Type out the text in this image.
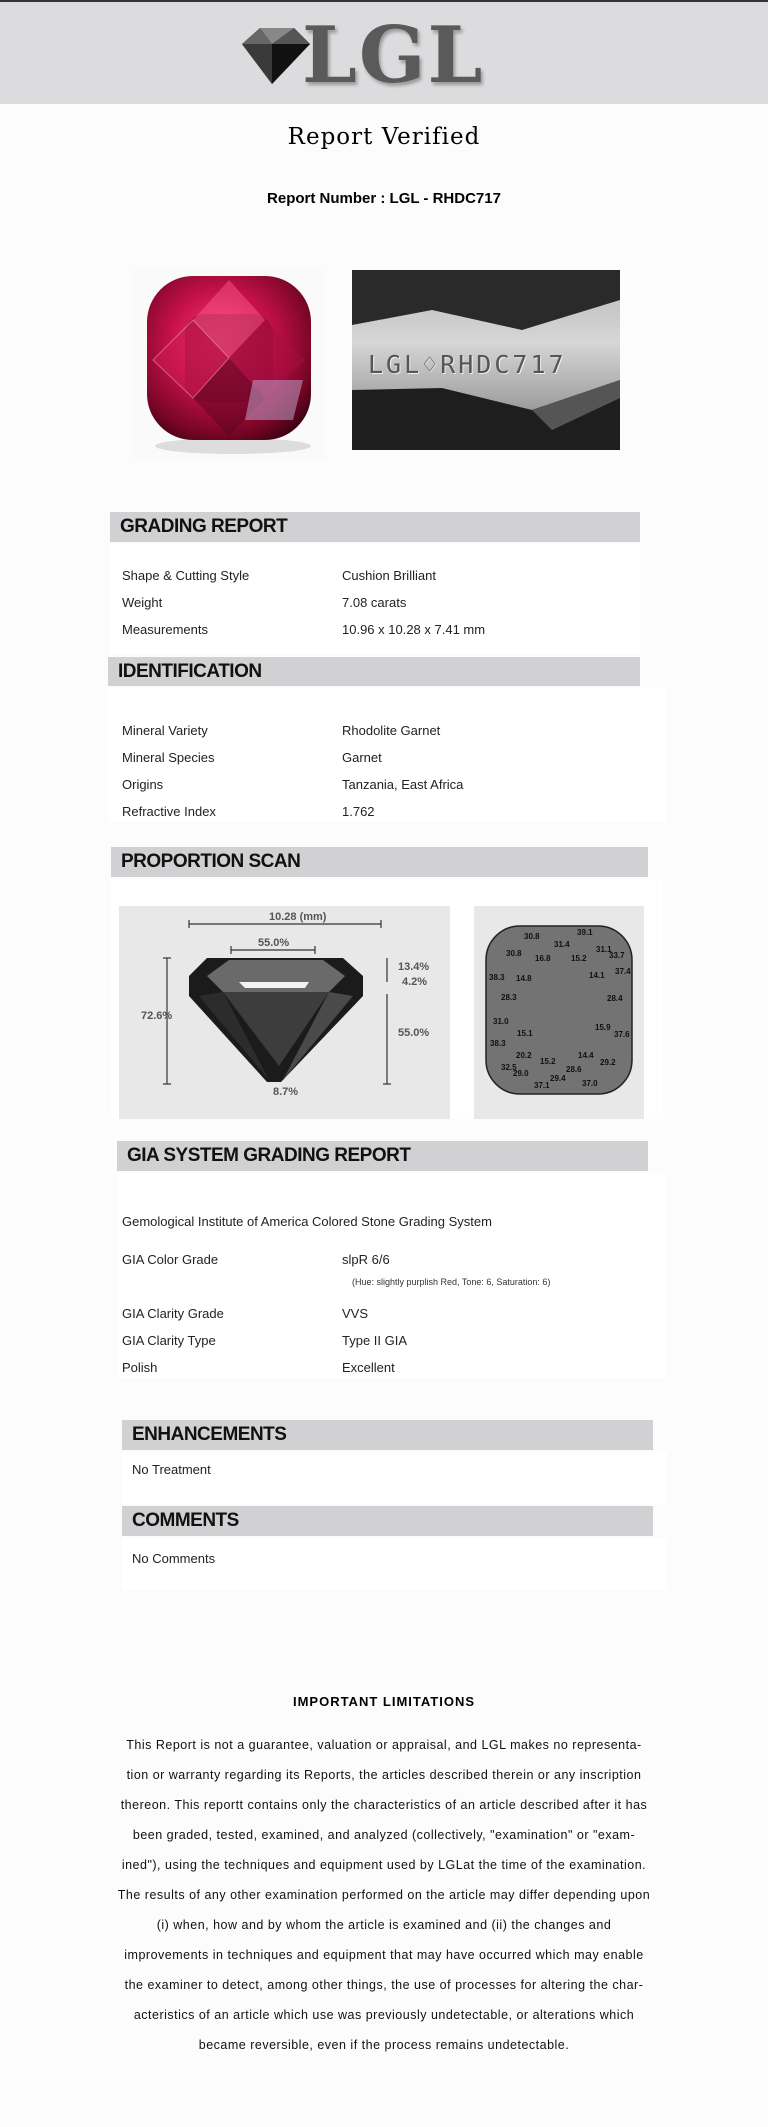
LGL
Report Verified
Report Number : LGL - RHDC717
LGL♢RHDC717
GRADING REPORT
Shape & Cutting Style	Cushion Brilliant
Weight	7.08 carats
Measurements	10.96 x 10.28 x 7.41 mm
IDENTIFICATION
Mineral Variety	Rhodolite Garnet
Mineral Species	Garnet
Origins	Tanzania, East Africa
Refractive Index	1.762
PROPORTION SCAN
10.28 (mm)
55.0%
72.6%
13.4%
4.2%
55.0%
8.7%
30.8	39.1
31.4
31.1
33.7
30.8
16.8	15.2
37.4
38.3 14.8	14.1
28.3	28.4
31.0
15.1
15.9
37.6
38.3
20.2	14.4
15.2	29.2
32.5
29.0	28.6
29.4
37.1	37.0
GIA SYSTEM GRADING REPORT
Gemological Institute of America Colored Stone Grading System
GIA Color Grade	slpR 6/6
(Hue: slightly purplish Red, Tone: 6, Saturation: 6)
GIA Clarity Grade	VVS
GIA Clarity Type	Type II GIA
Polish	Excellent
ENHANCEMENTS
No Treatment
COMMENTS
No Comments
IMPORTANT LIMITATIONS
This Report is not a guarantee, valuation or appraisal, and LGL makes no representa-tion or warranty regarding its Reports, the articles described therein or any inscription thereon. This reportt contains only the characteristics of an article described after it has been graded, tested, examined, and analyzed (collectively, "examination" or "exam-ined"), using the techniques and equipment used by LGLat the time of the examination. The results of any other examination performed on the article may differ depending upon (i) when, how and by whom the article is examined and (ii) the changes and improvements in techniques and equipment that may have occurred which may enable the examiner to detect, among other things, the use of processes for altering the char-acteristics of an article which use was previously undetectable, or alterations which became reversible, even if the process remains undetectable.
